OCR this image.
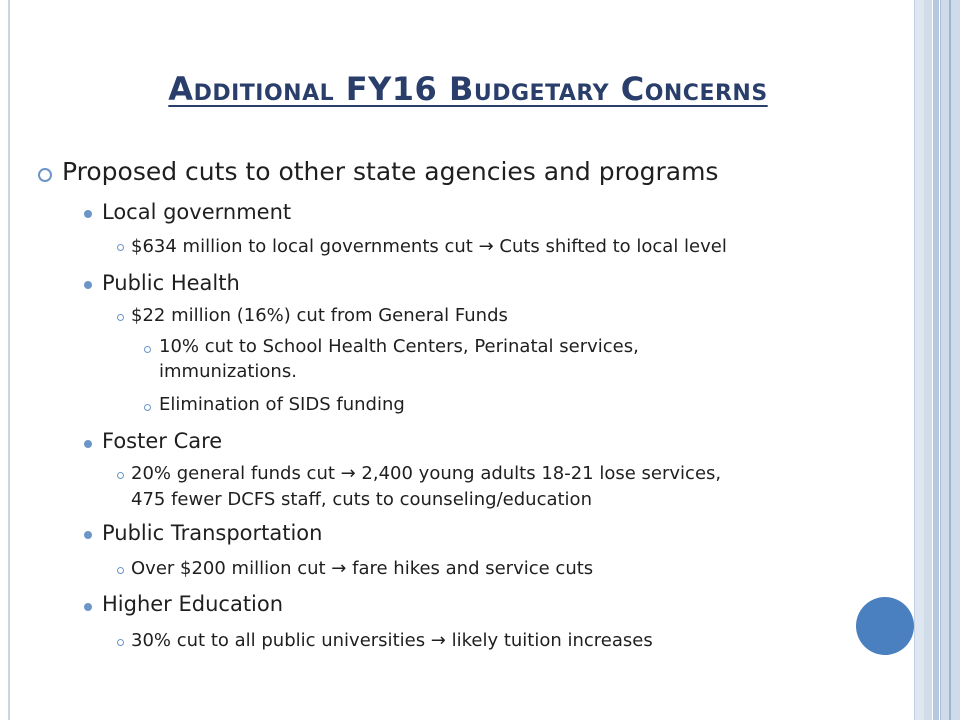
Additional FY16 Budgetary Concerns
Proposed cuts to other state agencies and programs
Local government
$634 million to local governments cut → Cuts shifted to local level
Public Health
$22 million (16%) cut from General Funds
10% cut to School Health Centers, Perinatal services,
immunizations.
Elimination of SIDS funding
Foster Care
20% general funds cut → 2,400 young adults 18-21 lose services,
475 fewer DCFS staff, cuts to counseling/education
Public Transportation
Over $200 million cut → fare hikes and service cuts
Higher Education
30% cut to all public universities → likely tuition increases
